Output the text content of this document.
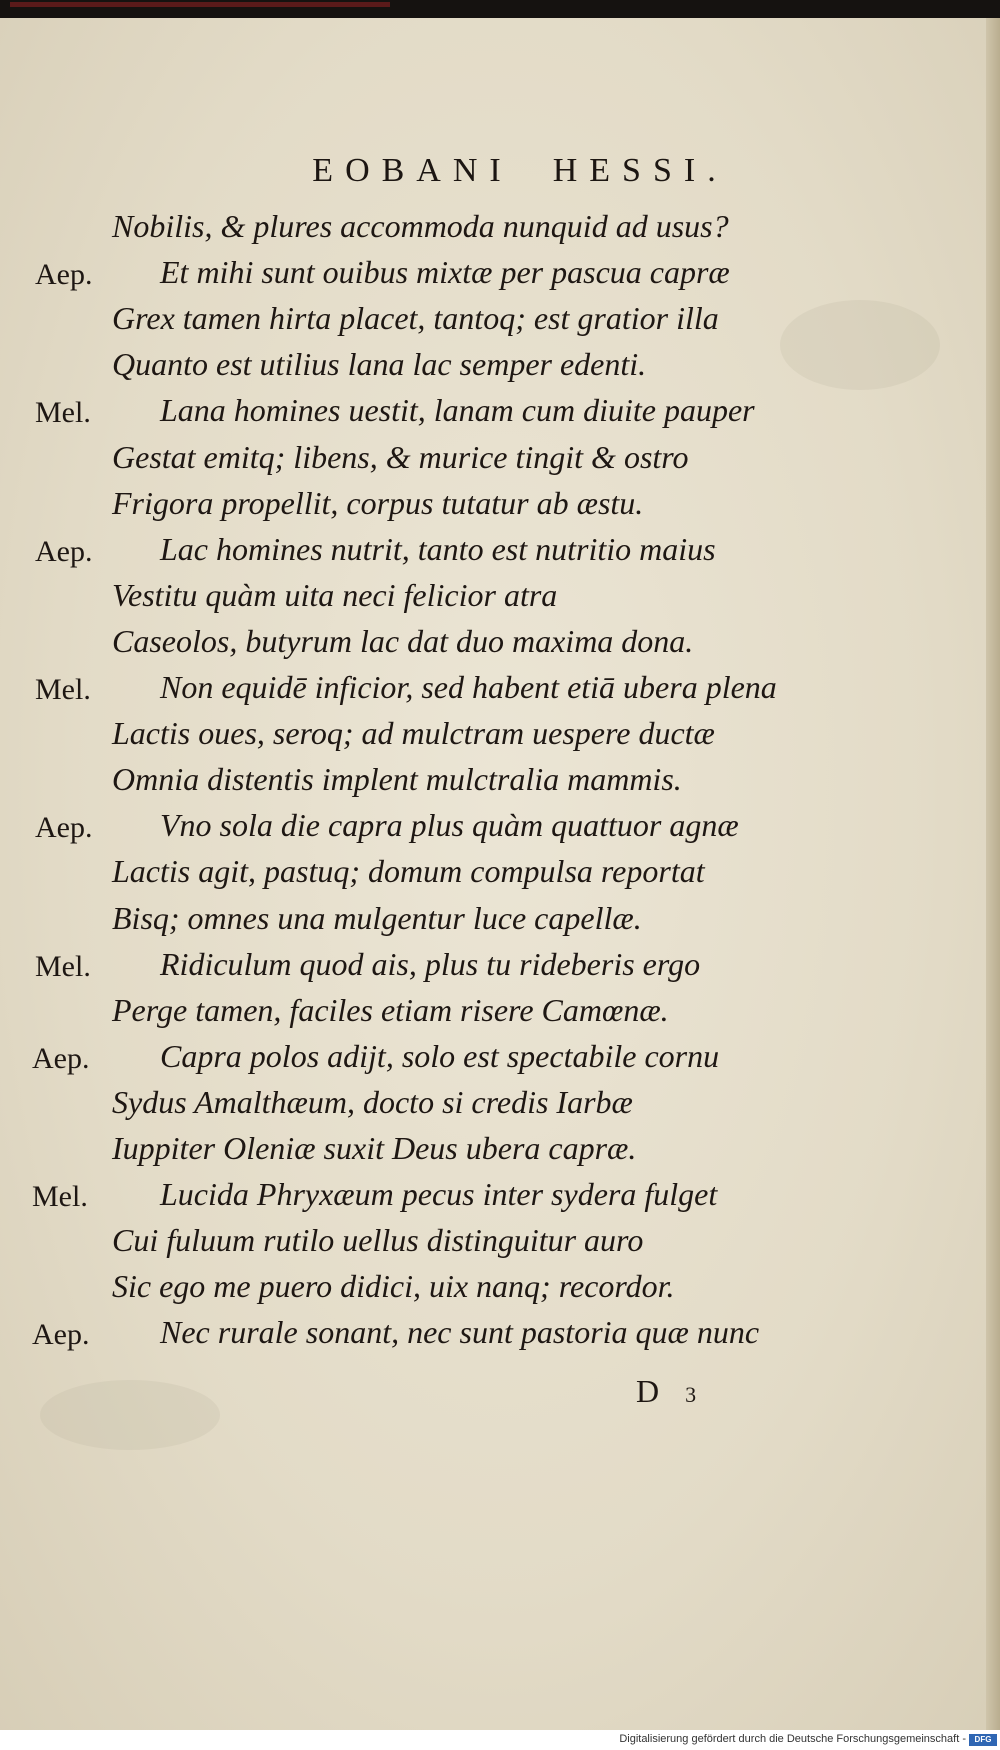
EOBANI HESSI.
Nobilis, & plures accommoda nunquid ad usus?
Aep. Et mihi sunt ouibus mixtæ per pascua capræ
Grex tamen hirta placet, tantoq; est gratior illa
Quanto est utilius lana lac semper edenti.
Mel. Lana homines uestit, lanam cum diuite pauper
Gestat emitq; libens, & murice tingit & ostro
Frigora propellit, corpus tutatur ab æstu.
Aep. Lac homines nutrit, tanto est nutritio maius
Vestitu quàm uita neci felicior atra
Caseolos, butyrum lac dat duo maxima dona.
Mel. Non equidē inficior, sed habent etiā ubera plena
Lactis oues, seroq; ad mulctram uespere ductæ
Omnia distentis implent mulctralia mammis.
Aep. Vno sola die capra plus quàm quattuor agnæ
Lactis agit, pastuq; domum compulsa reportat
Bisq; omnes una mulgentur luce capellæ.
Mel. Ridiculum quod ais, plus tu rideberis ergo
Perge tamen, faciles etiam risere Camœnæ.
Aep. Capra polos adijt, solo est spectabile cornu
Sydus Amalthæum, docto si credis Iarbæ
Iuppiter Oleniæ suxit Deus ubera capræ.
Mel. Lucida Phryxæum pecus inter sydera fulget
Cui fuluum rutilo uellus distinguitur auro
Sic ego me puero didici, uix nanq; recordor.
Aep. Nec rurale sonant, nec sunt pastoria quæ nunc
D 3
Digitalisierung gefördert durch die Deutsche Forschungsgemeinschaft -	DFG
